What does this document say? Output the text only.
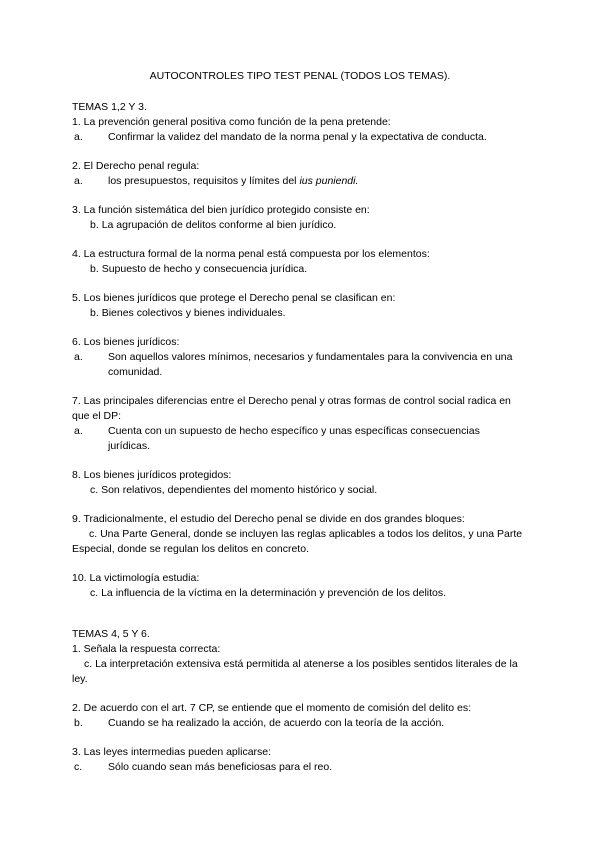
AUTOCONTROLES TIPO TEST PENAL (TODOS LOS TEMAS).

TEMAS 1,2 Y 3.

1. La prevención general positiva como función de la pena pretende:

a. Confirmar la validez del mandato de la norma penal y la expectativa de conducta.

2. El Derecho penal regula:

a. los presupuestos, requisitos y límites del ius puniendi.

3. La función sistemática del bien jurídico protegido consiste en:

b. La agrupación de delitos conforme al bien jurídico.

4. La estructura formal de la norma penal está compuesta por los elementos:

b. Supuesto de hecho y consecuencia jurídica.

5. Los bienes jurídicos que protege el Derecho penal se clasifican en:

b. Bienes colectivos y bienes individuales.

6. Los bienes jurídicos:

a. Son aquellos valores mínimos, necesarios y fundamentales para la convivencia en una comunidad.

7. Las principales diferencias entre el Derecho penal y otras formas de control social radica en que el DP:

a. Cuenta con un supuesto de hecho específico y unas específicas consecuencias jurídicas.

8. Los bienes jurídicos protegidos:

c. Son relativos, dependientes del momento histórico y social.

9. Tradicionalmente, el estudio del Derecho penal se divide en dos grandes bloques:

c. Una Parte General, donde se incluyen las reglas aplicables a todos los delitos, y una Parte Especial, donde se regulan los delitos en concreto.

10. La victimología estudia:

c. La influencia de la víctima en la determinación y prevención de los delitos.

TEMAS 4, 5 Y 6.

1. Señala la respuesta correcta:

c. La interpretación extensiva está permitida al atenerse a los posibles sentidos literales de la ley.

2. De acuerdo con el art. 7 CP, se entiende que el momento de comisión del delito es:

b. Cuando se ha realizado la acción, de acuerdo con la teoría de la acción.

3. Las leyes intermedias pueden aplicarse:

c. Sólo cuando sean más beneficiosas para el reo.
